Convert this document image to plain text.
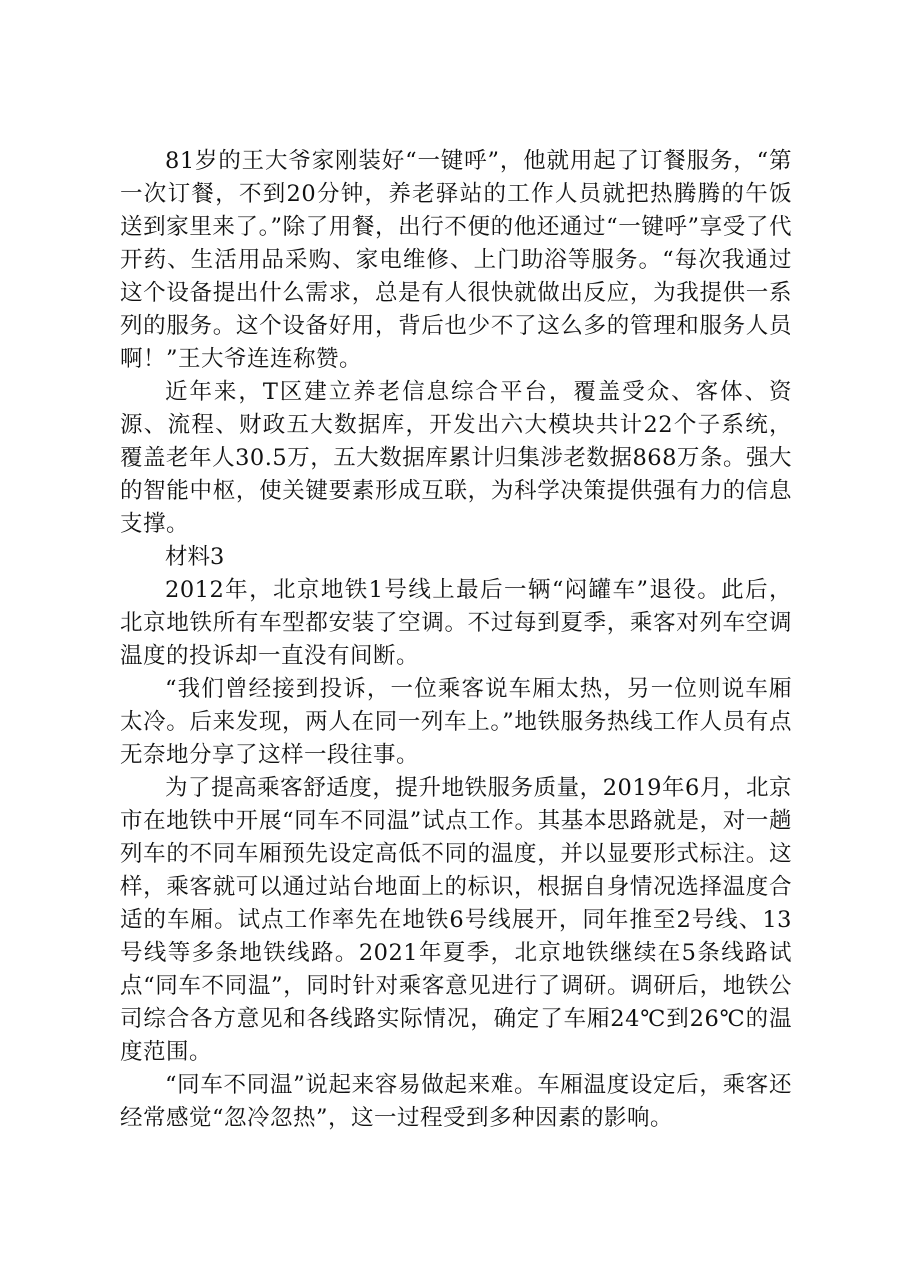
81岁的王大爷家刚装好“一键呼”，他就用起了订餐服务，“第一次订餐，不到20分钟，养老驿站的工作人员就把热腾腾的午饭送到家里来了。”除了用餐，出行不便的他还通过“一键呼”享受了代开药、生活用品采购、家电维修、上门助浴等服务。“每次我通过这个设备提出什么需求，总是有人很快就做出反应，为我提供一系列的服务。这个设备好用，背后也少不了这么多的管理和服务人员啊！”王大爷连连称赞。

近年来，T区建立养老信息综合平台，覆盖受众、客体、资源、流程、财政五大数据库，开发出六大模块共计22个子系统，覆盖老年人30.5万，五大数据库累计归集涉老数据868万条。强大的智能中枢，使关键要素形成互联，为科学决策提供强有力的信息支撑。

材料3

2012年，北京地铁1号线上最后一辆“闷罐车”退役。此后，北京地铁所有车型都安装了空调。不过每到夏季，乘客对列车空调温度的投诉却一直没有间断。

“我们曾经接到投诉，一位乘客说车厢太热，另一位则说车厢太冷。后来发现，两人在同一列车上。”地铁服务热线工作人员有点无奈地分享了这样一段往事。

为了提高乘客舒适度，提升地铁服务质量，2019年6月，北京市在地铁中开展“同车不同温”试点工作。其基本思路就是，对一趟列车的不同车厢预先设定高低不同的温度，并以显要形式标注。这样，乘客就可以通过站台地面上的标识，根据自身情况选择温度合适的车厢。试点工作率先在地铁6号线展开，同年推至2号线、13号线等多条地铁线路。2021年夏季，北京地铁继续在5条线路试点“同车不同温”，同时针对乘客意见进行了调研。调研后，地铁公司综合各方意见和各线路实际情况，确定了车厢24℃到26℃的温度范围。

“同车不同温”说起来容易做起来难。车厢温度设定后，乘客还经常感觉“忽冷忽热”，这一过程受到多种因素的影响。
